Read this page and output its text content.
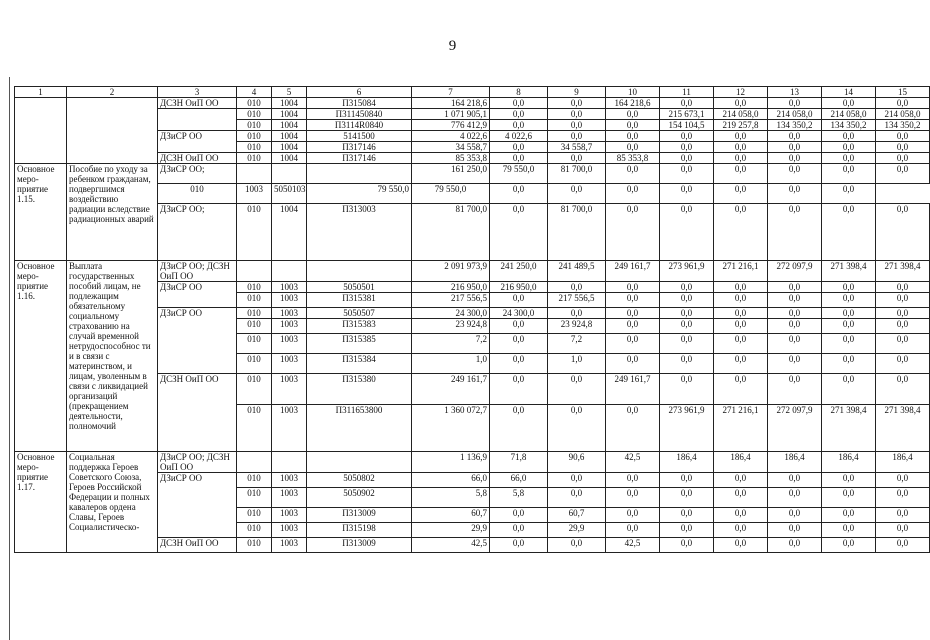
9
1	2	3	4	5	6	7	8	9	10	11	12	13	14	15
		ДСЗН ОиП ОО	010	1004	П315084	164 218,6	0,0	0,0	164 218,6	0,0	0,0	0,0	0,0	0,0
			010	1004	П311450840	1 071 905,1	0,0	0,0	0,0	215 673,1	214 058,0	214 058,0	214 058,0	214 058,0
			010	1004	П3114R0840	776 412,9	0,0	0,0	0,0	154 104,5	219 257,8	134 350,2	134 350,2	134 350,2
		ДЗиСР ОО	010	1004	5141500	4 022,6	4 022,6	0,0	0,0	0,0	0,0	0,0	0,0	0,0
			010	1004	П317146	34 558,7	0,0	34 558,7	0,0	0,0	0,0	0,0	0,0	0,0
		ДСЗН ОиП ОО	010	1004	П317146	85 353,8	0,0	0,0	85 353,8	0,0	0,0	0,0	0,0	0,0
Основное меро-приятие 1.15.	Пособие по уходу за ребенком гражданам, подвергшимся воздействию радиации вследствие радиационных аварий	ДЗиСР ОО;				161 250,0	79 550,0	81 700,0	0,0	0,0	0,0	0,0	0,0	0,0
		010	1003	5050103	79 550,0	79 550,0	0,0	0,0	0,0	0,0	0,0	0,0	0,0	
		ДЗиСР ОО;	010	1004	П313003	81 700,0	0,0	81 700,0	0,0	0,0	0,0	0,0	0,0	0,0
Основное меро-приятие 1.16.	Выплата государственных пособий лицам, не подлежащим обязательному социальному страхованию на случай временной нетрудоспособнос ти и в связи с материнством, и лицам, уволенным в связи с ликвидацией организаций (прекращением деятельности, полномочий	ДЗиСР ОО; ДСЗН ОиП ОО				2 091 973,9	241 250,0	241 489,5	249 161,7	273 961,9	271 216,1	272 097,9	271 398,4	271 398,4
		ДЗиСР ОО	010	1003	5050501	216 950,0	216 950,0	0,0	0,0	0,0	0,0	0,0	0,0	0,0
			010	1003	П315381	217 556,5	0,0	217 556,5	0,0	0,0	0,0	0,0	0,0	0,0
		ДЗиСР ОО	010	1003	5050507	24 300,0	24 300,0	0,0	0,0	0,0	0,0	0,0	0,0	0,0
			010	1003	П315383	23 924,8	0,0	23 924,8	0,0	0,0	0,0	0,0	0,0	0,0
			010	1003	П315385	7,2	0,0	7,2	0,0	0,0	0,0	0,0	0,0	0,0
			010	1003	П315384	1,0	0,0	1,0	0,0	0,0	0,0	0,0	0,0	0,0
		ДСЗН ОиП ОО	010	1003	П315380	249 161,7	0,0	0,0	249 161,7	0,0	0,0	0,0	0,0	0,0
			010	1003	П311653800	1 360 072,7	0,0	0,0	0,0	273 961,9	271 216,1	272 097,9	271 398,4	271 398,4
Основное меро-приятие 1.17.	Социальная поддержка Героев Советского Союза, Героев Российской Федерации и полных кавалеров ордена Славы, Героев Социалистическо-	ДЗиСР ОО; ДСЗН ОиП ОО				1 136,9	71,8	90,6	42,5	186,4	186,4	186,4	186,4	186,4
		ДЗиСР ОО	010	1003	5050802	66,0	66,0	0,0	0,0	0,0	0,0	0,0	0,0	0,0
			010	1003	5050902	5,8	5,8	0,0	0,0	0,0	0,0	0,0	0,0	0,0
			010	1003	П313009	60,7	0,0	60,7	0,0	0,0	0,0	0,0	0,0	0,0
			010	1003	П315198	29,9	0,0	29,9	0,0	0,0	0,0	0,0	0,0	0,0
		ДСЗН ОиП ОО	010	1003	П313009	42,5	0,0	0,0	42,5	0,0	0,0	0,0	0,0	0,0
